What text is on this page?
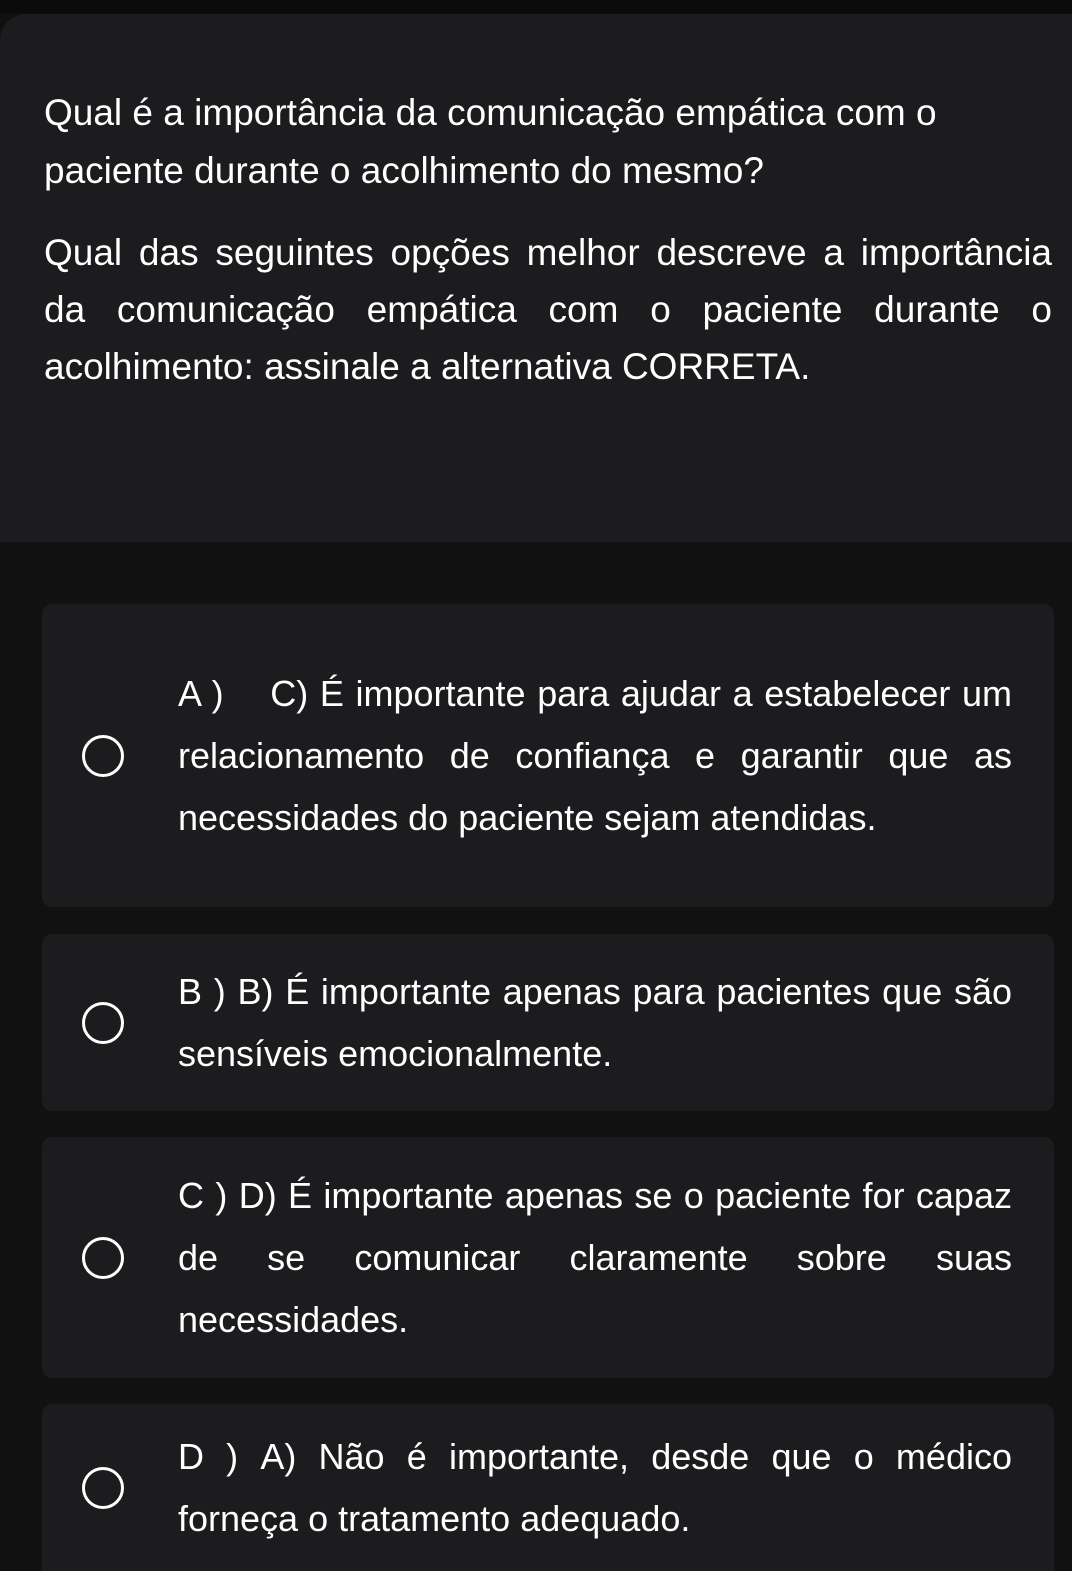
Qual é a importância da comunicação empática com o paciente durante o acolhimento do mesmo?

Qual das seguintes opções melhor descreve a importância da comunicação empática com o paciente durante o acolhimento: assinale a alternativa CORRETA.

A ) C) É importante para ajudar a estabelecer um relacionamento de confiança e garantir que as necessidades do paciente sejam atendidas.
B ) B) É importante apenas para pacientes que são sensíveis emocionalmente.
C ) D) É importante apenas se o paciente for capaz de se comunicar claramente sobre suas necessidades.
D ) A) Não é importante, desde que o médico forneça o tratamento adequado.
